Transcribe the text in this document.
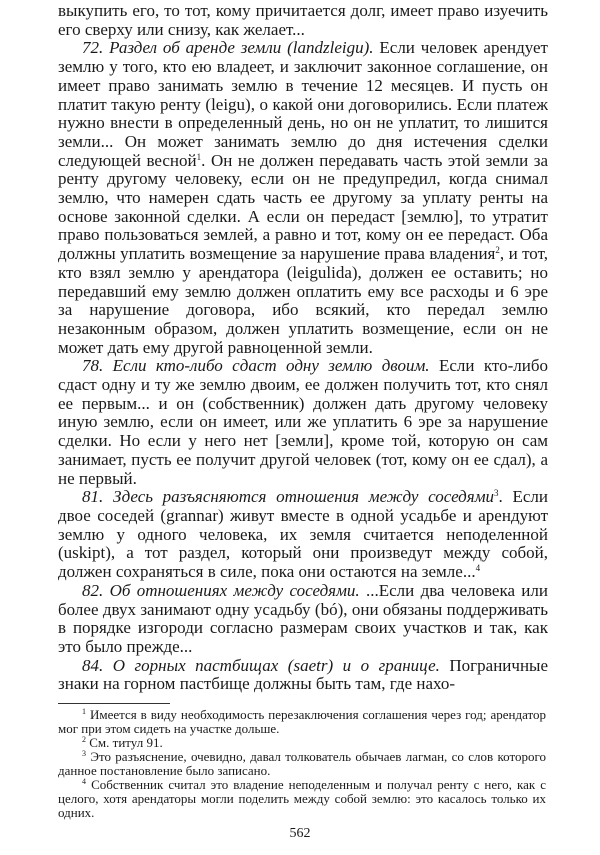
выкупить его, то тот, кому причитается долг, имеет право изуечить его сверху или снизу, как желает...

72. Раздел об аренде земли (landzleigu). Если человек арендует землю у того, кто ею владеет, и заключит законное соглашение, он имеет право занимать землю в течение 12 месяцев. И пусть он платит такую ренту (leigu), о какой они договорились. Если платеж нужно внести в определенный день, но он не уплатит, то лишится земли... Он может занимать землю до дня истечения сделки следующей весной$^1$. Он не должен передавать часть этой земли за ренту другому человеку, если он не предупредил, когда снимал землю, что намерен сдать часть ее другому за уплату ренты на основе законной сделки. А если он передаст [землю], то утратит право пользоваться землей, а равно и тот, кому он ее передаст. Оба должны уплатить возмещение за нарушение права владения$^2$, и тот, кто взял землю у арендатора (leigulida), должен ее оставить; но передавший ему землю должен оплатить ему все расходы и 6 эре за нарушение договора, ибо всякий, кто передал землю незаконным образом, должен уплатить возмещение, если он не может дать ему другой равноценной земли.

78. Если кто-либо сдаст одну землю двоим. Если кто-либо сдаст одну и ту же землю двоим, ее должен получить тот, кто снял ее первым... и он (собственник) должен дать другому человеку иную землю, если он имеет, или же уплатить 6 эре за нарушение сделки. Но если у него нет [земли], кроме той, которую он сам занимает, пусть ее получит другой человек (тот, кому он ее сдал), а не первый.

81. Здесь разъясняются отношения между соседями$^3$. Если двое соседей (grannar) живут вместе в одной усадьбе и арендуют землю у одного человека, их земля считается неподеленной (uskipt), а тот раздел, который они произведут между собой, должен сохраняться в силе, пока они остаются на земле...$^4$

82. Об отношениях между соседями. ...Если два человека или более двух занимают одну усадьбу (bó), они обязаны поддерживать в порядке изгороди согласно размерам своих участков и так, как это было прежде...

84. О горных пастбищах (saetr) и о границе. Пограничные знаки на горном пастбище должны быть там, где нахо-

$^1$ Имеется в виду необходимость перезаключения соглашения через год; арендатор мог при этом сидеть на участке дольше.

$^2$ См. титул 91.

$^3$ Это разъяснение, очевидно, давал толкователь обычаев лагман, со слов которого данное постановление было записано.

$^4$ Собственник считал это владение неподеленным и получал ренту с него, как с целого, хотя арендаторы могли поделить между собой землю: это касалось только их одних.

562
